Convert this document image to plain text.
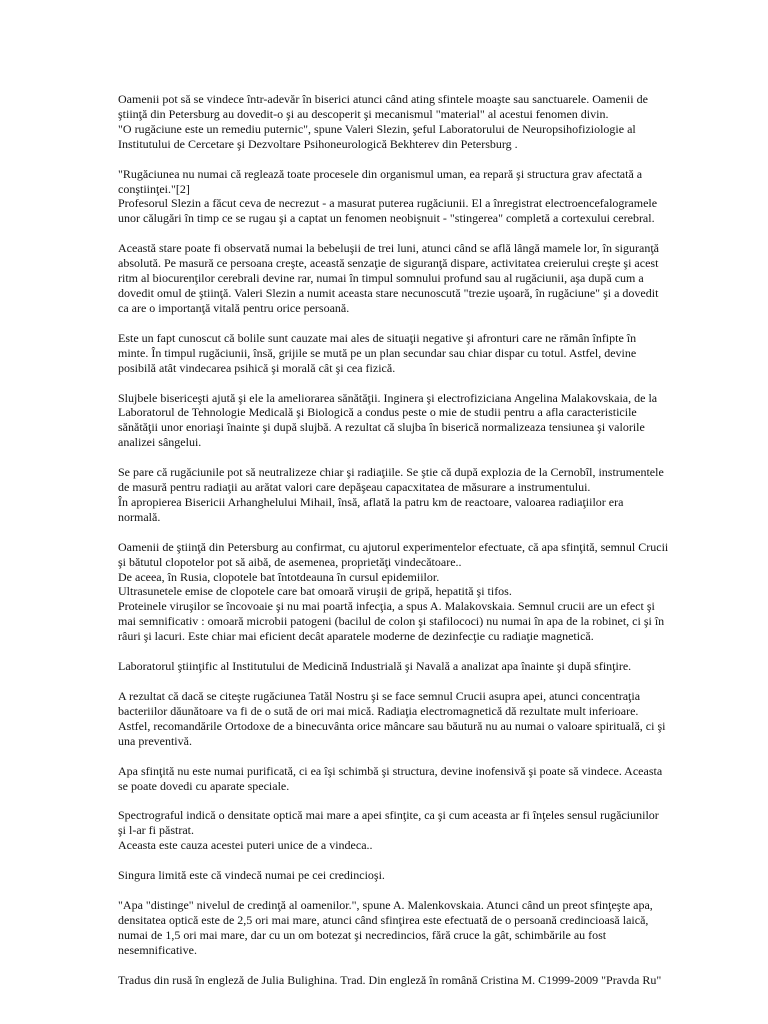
Oamenii pot să se vindece într-adevăr în biserici atunci când ating sfintele moaşte sau sanctuarele. Oamenii de
ştiinţă din Petersburg au dovedit-o şi au descoperit şi mecanismul "material" al acestui fenomen divin.
"O rugăciune este un remediu puternic", spune Valeri Slezin, şeful Laboratorului de Neuropsihofiziologie al
Institutului de Cercetare şi Dezvoltare Psihoneurologică Bekhterev din Petersburg .
"Rugăciunea nu numai că reglează toate procesele din organismul uman, ea repară şi structura grav afectată a
conştiinţei."[2]
Profesorul Slezin a făcut ceva de necrezut - a masurat puterea rugăciunii. El a înregistrat electroencefalogramele
unor călugări în timp ce se rugau şi a captat un fenomen neobişnuit - "stingerea" completă a cortexului cerebral.
Această stare poate fi observată numai la bebeluşii de trei luni, atunci când se află lângă mamele lor, în siguranţă
absolută. Pe masură ce persoana creşte, această senzaţie de siguranţă dispare, activitatea creierului creşte şi acest
ritm al biocurenţilor cerebrali devine rar, numai în timpul somnului profund sau al rugăciunii, aşa după cum a
dovedit omul de ştiinţă. Valeri Slezin a numit aceasta stare necunoscută "trezie uşoară, în rugăciune" şi a dovedit
ca are o importanţă vitală pentru orice persoană.
Este un fapt cunoscut că bolile sunt cauzate mai ales de situaţii negative şi afronturi care ne rămân înfipte în
minte. În timpul rugăciunii, însă, grijile se mută pe un plan secundar sau chiar dispar cu totul. Astfel, devine
posibilă atât vindecarea psihică şi morală cât şi cea fizică.
Slujbele bisericeşti ajută şi ele la ameliorarea sănătăţii. Inginera şi electrofiziciana Angelina Malakovskaia, de la
Laboratorul de Tehnologie Medicală şi Biologică a condus peste o mie de studii pentru a afla caracteristicile
sănătăţii unor enoriaşi înainte şi după slujbă. A rezultat că slujba în biserică normalizeaza tensiunea şi valorile
analizei sângelui.
Se pare că rugăciunile pot să neutralizeze chiar şi radiaţiile. Se ştie că după explozia de la Cernobîl, instrumentele
de masură pentru radiaţii au arătat valori care depăşeau capacxitatea de măsurare a instrumentului.
În apropierea Bisericii Arhanghelului Mihail, însă, aflată la patru km de reactoare, valoarea radiaţiilor era
normală.
Oamenii de ştiinţă din Petersburg au confirmat, cu ajutorul experimentelor efectuate, că apa sfinţită, semnul Crucii
şi bătutul clopotelor pot să aibă, de asemenea, proprietăţi vindecătoare..
De aceea, în Rusia, clopotele bat întotdeauna în cursul epidemiilor.
Ultrasunetele emise de clopotele care bat omoară viruşii de gripă, hepatită şi tifos.
Proteinele viruşilor se încovoaie şi nu mai poartă infecţia, a spus A. Malakovskaia. Semnul crucii are un efect şi
mai semnificativ : omoară microbii patogeni (bacilul de colon şi stafilococi) nu numai în apa de la robinet, ci şi în
râuri şi lacuri. Este chiar mai eficient decât aparatele moderne de dezinfecţie cu radiaţie magnetică.
Laboratorul ştiinţific al Institutului de Medicină Industrială şi Navală a analizat apa înainte şi după sfinţire.
A rezultat că dacă se citeşte rugăciunea Tatăl Nostru şi se face semnul Crucii asupra apei, atunci concentraţia
bacteriilor dăunătoare va fi de o sută de ori mai mică. Radiaţia electromagnetică dă rezultate mult inferioare.
Astfel, recomandările Ortodoxe de a binecuvânta orice mâncare sau băutură nu au numai o valoare spirituală, ci şi
una preventivă.
Apa sfinţită nu este numai purificată, ci ea îşi schimbă şi structura, devine inofensivă şi poate să vindece. Aceasta
se poate dovedi cu aparate speciale.
Spectrograful indică o densitate optică mai mare a apei sfinţite, ca şi cum aceasta ar fi înţeles sensul rugăciunilor
şi l-ar fi păstrat.
Aceasta este cauza acestei puteri unice de a vindeca..
Singura limită este că vindecă numai pe cei credincioşi.
"Apa "distinge" nivelul de credinţă al oamenilor.", spune A. Malenkovskaia. Atunci când un preot sfinţeşte apa,
densitatea optică este de 2,5 ori mai mare, atunci când sfinţirea este efectuată de o persoană credincioasă laică,
numai de 1,5 ori mai mare, dar cu un om botezat şi necredincios, fără cruce la gât, schimbările au fost
nesemnificative.
Tradus din rusă în engleză de Julia Bulighina. Trad. Din engleză în română Cristina M. C1999-2009 "Pravda Ru"
